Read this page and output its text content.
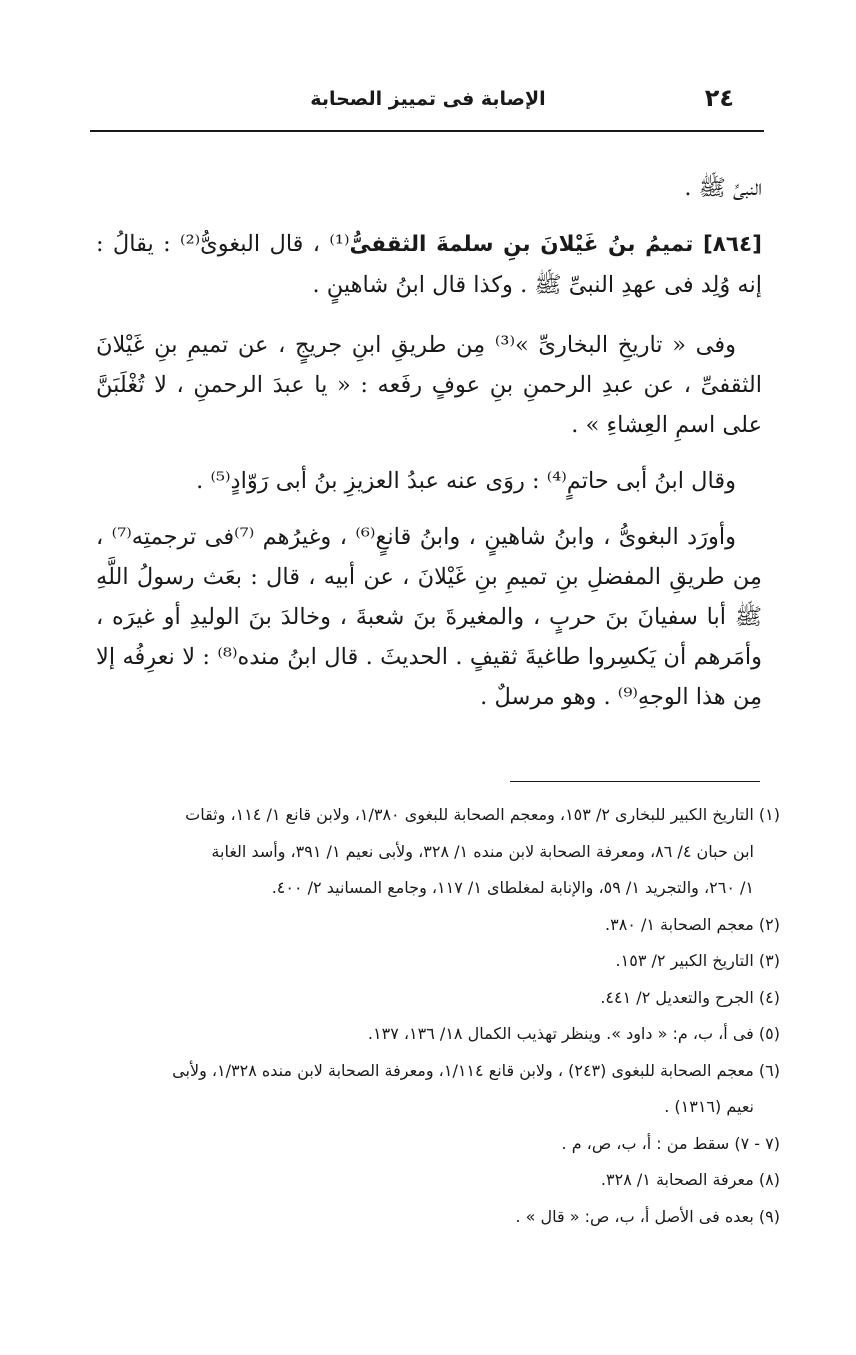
٢٤
الإصابة فى تمييز الصحابة

النبىِّ ﷺ .

[٨٦٤] تميمُ بنُ غَيْلانَ بنِ سلمةَ الثقفىُّ⁽¹⁾ ، قال البغوىُّ⁽²⁾ : يقالُ : إنه وُلِد فى عهدِ النبىِّ ﷺ . وكذا قال ابنُ شاهينٍ .

وفى « تاريخِ البخارىِّ »⁽³⁾ مِن طريقِ ابنِ جريجٍ ، عن تميمِ بنِ غَيْلانَ الثقفىِّ ، عن عبدِ الرحمنِ بنِ عوفٍ رفَعه : « يا عبدَ الرحمنِ ، لا تُغْلَبَنَّ على اسمِ العِشاءِ » .

وقال ابنُ أبى حاتمٍ⁽⁴⁾ : روَى عنه عبدُ العزيزِ بنُ أبى رَوّادٍ⁽⁵⁾ .

وأورَد البغوىُّ ، وابنُ شاهينٍ ، وابنُ قانعٍ⁽⁶⁾ ، وغيرُهم ⁽⁷⁾فى ترجمتِه⁽⁷⁾ ، مِن طريقِ المفضلِ بنِ تميمِ بنِ غَيْلانَ ، عن أبيه ، قال : بعَث رسولُ اللَّهِ ﷺ أبا سفيانَ بنَ حربٍ ، والمغيرةَ بنَ شعبةَ ، وخالدَ بنَ الوليدِ أو غيرَه ، وأمَرهم أن يَكسِروا طاغيةَ ثقيفٍ . الحديثَ . قال ابنُ منده⁽⁸⁾ : لا نعرِفُه إلا مِن هذا الوجهِ⁽⁹⁾ . وهو مرسلٌ .

(١) التاريخ الكبير للبخارى ٢/ ١٥٣، ومعجم الصحابة للبغوى ١/٣٨٠، ولابن قانع ١/ ١١٤، وثقات

ابن حبان ٤/ ٨٦، ومعرفة الصحابة لابن منده ١/ ٣٢٨، ولأبى نعيم ١/ ٣٩١، وأسد الغابة

١/ ٢٦٠، والتجريد ١/ ٥٩، والإنابة لمغلطاى ١/ ١١٧، وجامع المسانيد ٢/ ٤٠٠.

(٢) معجم الصحابة ١/ ٣٨٠.

(٣) التاريخ الكبير ٢/ ١٥٣.

(٤) الجرح والتعديل ٢/ ٤٤١.

(٥) فى أ، ب، م: « داود ». وينظر تهذيب الكمال ١٨/ ١٣٦، ١٣٧.

(٦) معجم الصحابة للبغوى (٢٤٣) ، ولابن قانع ١/١١٤، ومعرفة الصحابة لابن منده ١/٣٢٨، ولأبى

نعيم (١٣١٦) .

(٧ - ٧) سقط من : أ، ب، ص، م .

(٨) معرفة الصحابة ١/ ٣٢٨.

(٩) بعده فى الأصل أ، ب، ص: « قال » .
